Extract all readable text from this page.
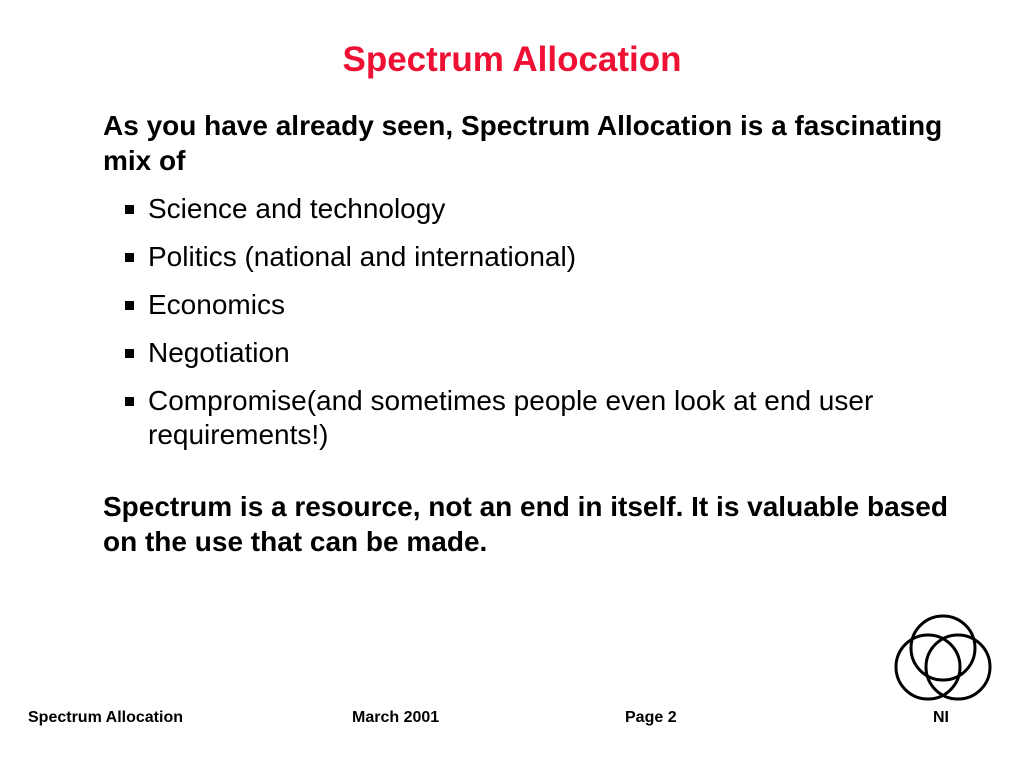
Spectrum Allocation

As you have already seen, Spectrum Allocation is a fascinating mix of

Science and technology
Politics (national and international)
Economics
Negotiation
Compromise(and sometimes people even look at end user requirements!)

Spectrum is a resource, not an end in itself. It is valuable based on the use that can be made.

Spectrum Allocation	March 2001	Page 2	NI
